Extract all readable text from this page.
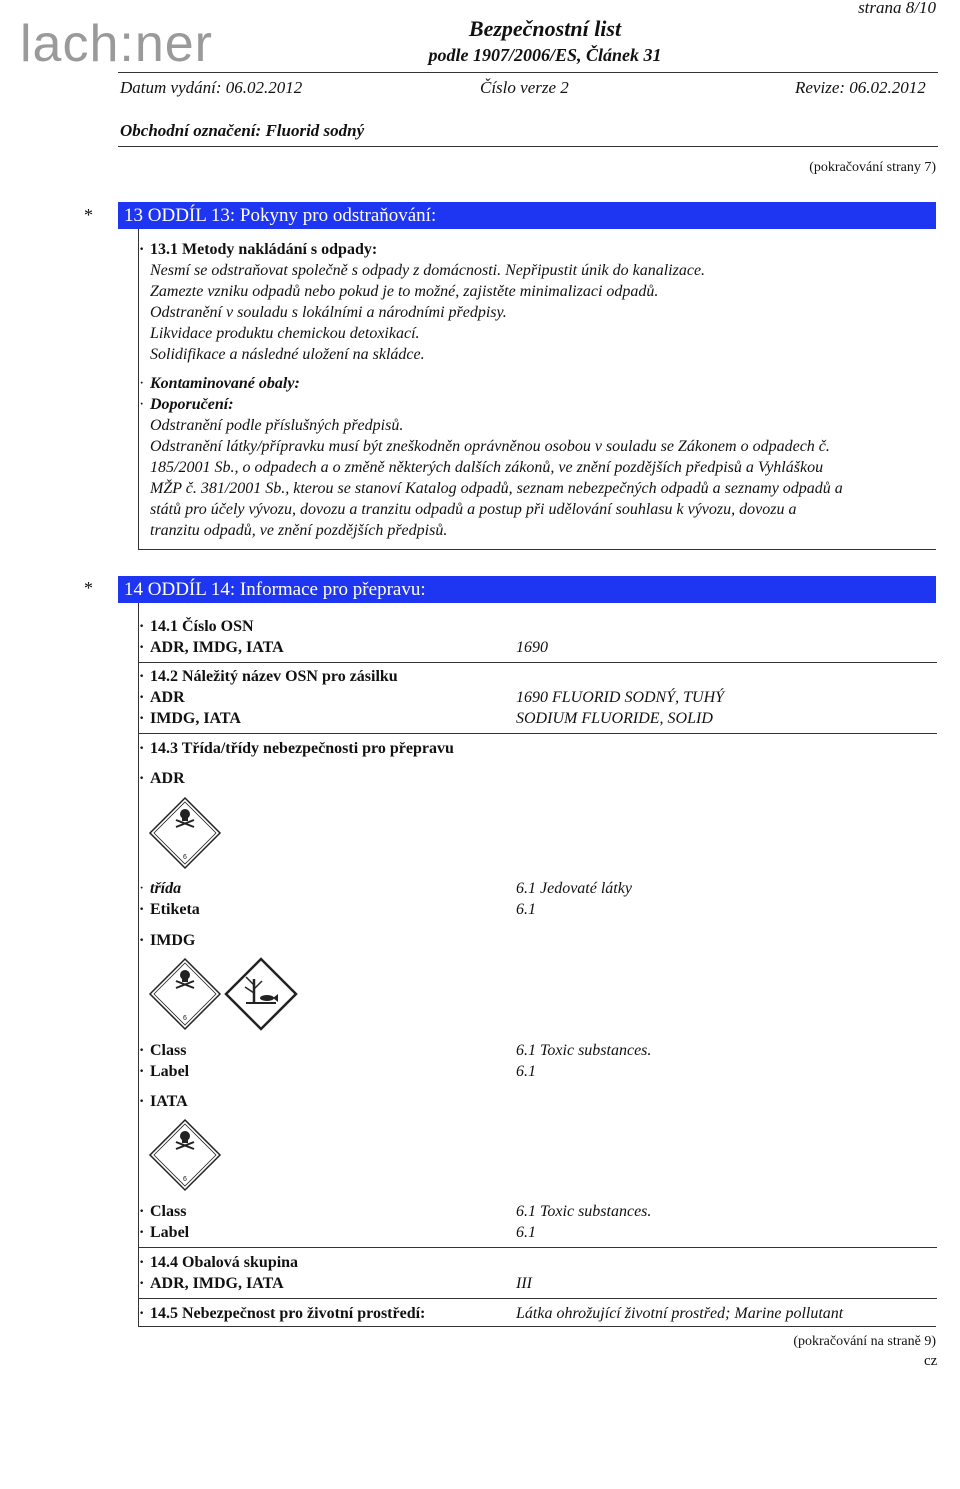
lach:ner	Bezpečnostní list
podle 1907/2006/ES, Článek 31
strana 8/10
Datum vydání: 06.02.2012	Číslo verze 2	Revize: 06.02.2012
Obchodní označení: Fluorid sodný
(pokračování strany 7)
*	13 ODDÍL 13: Pokyny pro odstraňování:
· 13.1 Metody nakládání s odpady:
Nesmí se odstraňovat společně s odpady z domácnosti. Nepřipustit únik do kanalizace.
Zamezte vzniku odpadů nebo pokud je to možné, zajistěte minimalizaci odpadů.
Odstranění v souladu s lokálními a národními předpisy.
Likvidace produktu chemickou detoxikací.
Solidifikace a následné uložení na skládce.
· Kontaminované obaly:
· Doporučení:
Odstranění podle příslušných předpisů.
Odstranění látky/přípravku musí být zneškodněn oprávněnou osobou v souladu se Zákonem o odpadech č.
185/2001 Sb., o odpadech a o změně některých dalších zákonů, ve znění pozdějších předpisů a Vyhláškou
MŽP č. 381/2001 Sb., kterou se stanoví Katalog odpadů, seznam nebezpečných odpadů a seznamy odpadů a
států pro účely vývozu, dovozu a tranzitu odpadů a postup při udělování souhlasu k vývozu, dovozu a
tranzitu odpadů, ve znění pozdějších předpisů.
*	14 ODDÍL 14: Informace pro přepravu:
· 14.1 Číslo OSN
· ADR, IMDG, IATA	1690
· 14.2 Náležitý název OSN pro zásilku
· ADR	1690 FLUORID SODNÝ, TUHÝ
· IMDG, IATA	SODIUM FLUORIDE, SOLID
· 14.3 Třída/třídy nebezpečnosti pro přepravu
· ADR
6
· třída	6.1 Jedovaté látky
· Etiketa	6.1
· IMDG
6
· Class	6.1 Toxic substances.
· Label	6.1
· IATA
6
· Class	6.1 Toxic substances.
· Label	6.1
· 14.4 Obalová skupina
· ADR, IMDG, IATA	III
· 14.5 Nebezpečnost pro životní prostředí:	Látka ohrožující životní prostřed; Marine pollutant
(pokračování na straně 9)
cz
